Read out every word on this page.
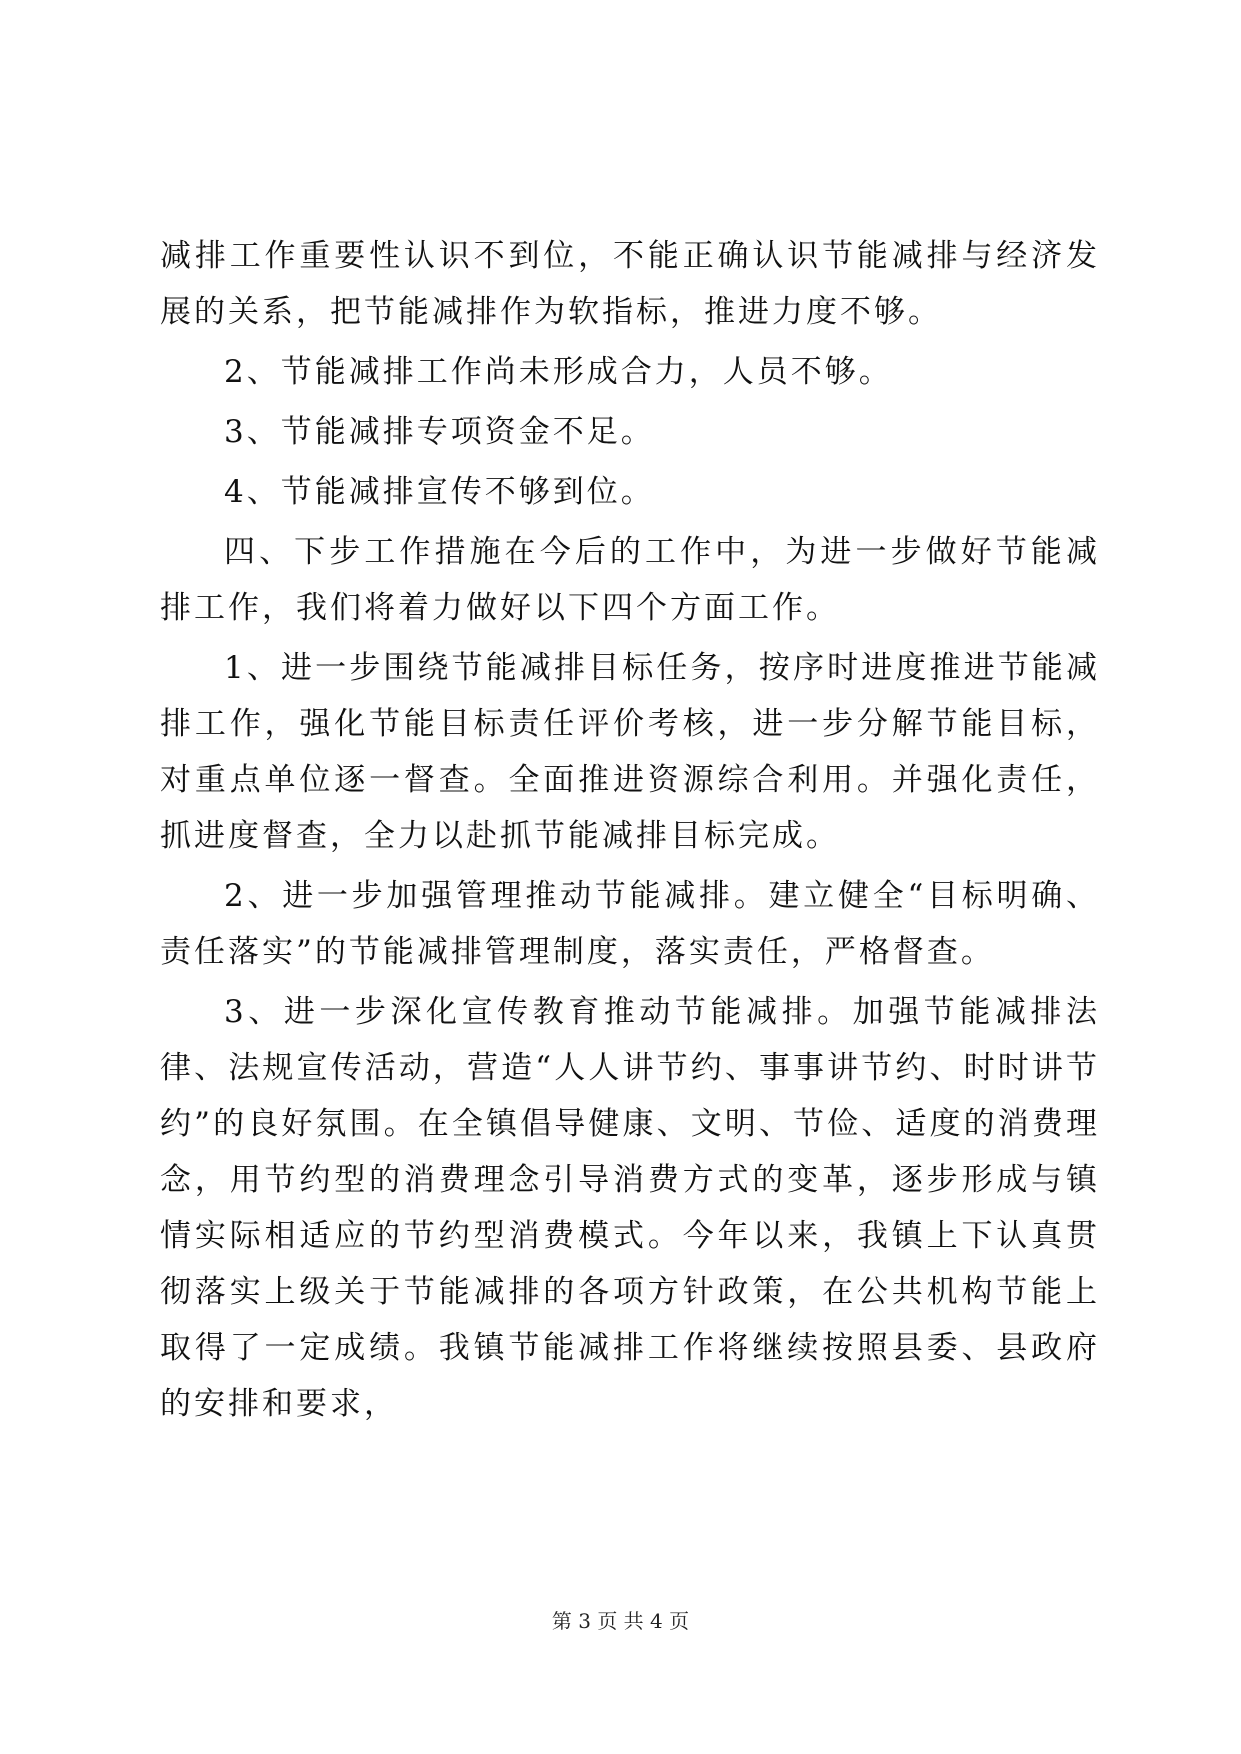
减排工作重要性认识不到位，不能正确认识节能减排与经济发展的关系，把节能减排作为软指标，推进力度不够。

2、节能减排工作尚未形成合力，人员不够。

3、节能减排专项资金不足。

4、节能减排宣传不够到位。

四、下步工作措施在今后的工作中，为进一步做好节能减排工作，我们将着力做好以下四个方面工作。

1、进一步围绕节能减排目标任务，按序时进度推进节能减排工作，强化节能目标责任评价考核，进一步分解节能目标，对重点单位逐一督查。全面推进资源综合利用。并强化责任，抓进度督查，全力以赴抓节能减排目标完成。

2、进一步加强管理推动节能减排。建立健全“目标明确、责任落实”的节能减排管理制度，落实责任，严格督查。

3、进一步深化宣传教育推动节能减排。加强节能减排法律、法规宣传活动，营造“人人讲节约、事事讲节约、时时讲节约”的良好氛围。在全镇倡导健康、文明、节俭、适度的消费理念，用节约型的消费理念引导消费方式的变革，逐步形成与镇情实际相适应的节约型消费模式。今年以来，我镇上下认真贯彻落实上级关于节能减排的各项方针政策，在公共机构节能上取得了一定成绩。我镇节能减排工作将继续按照县委、县政府的安排和要求，

第 3 页 共 4 页
